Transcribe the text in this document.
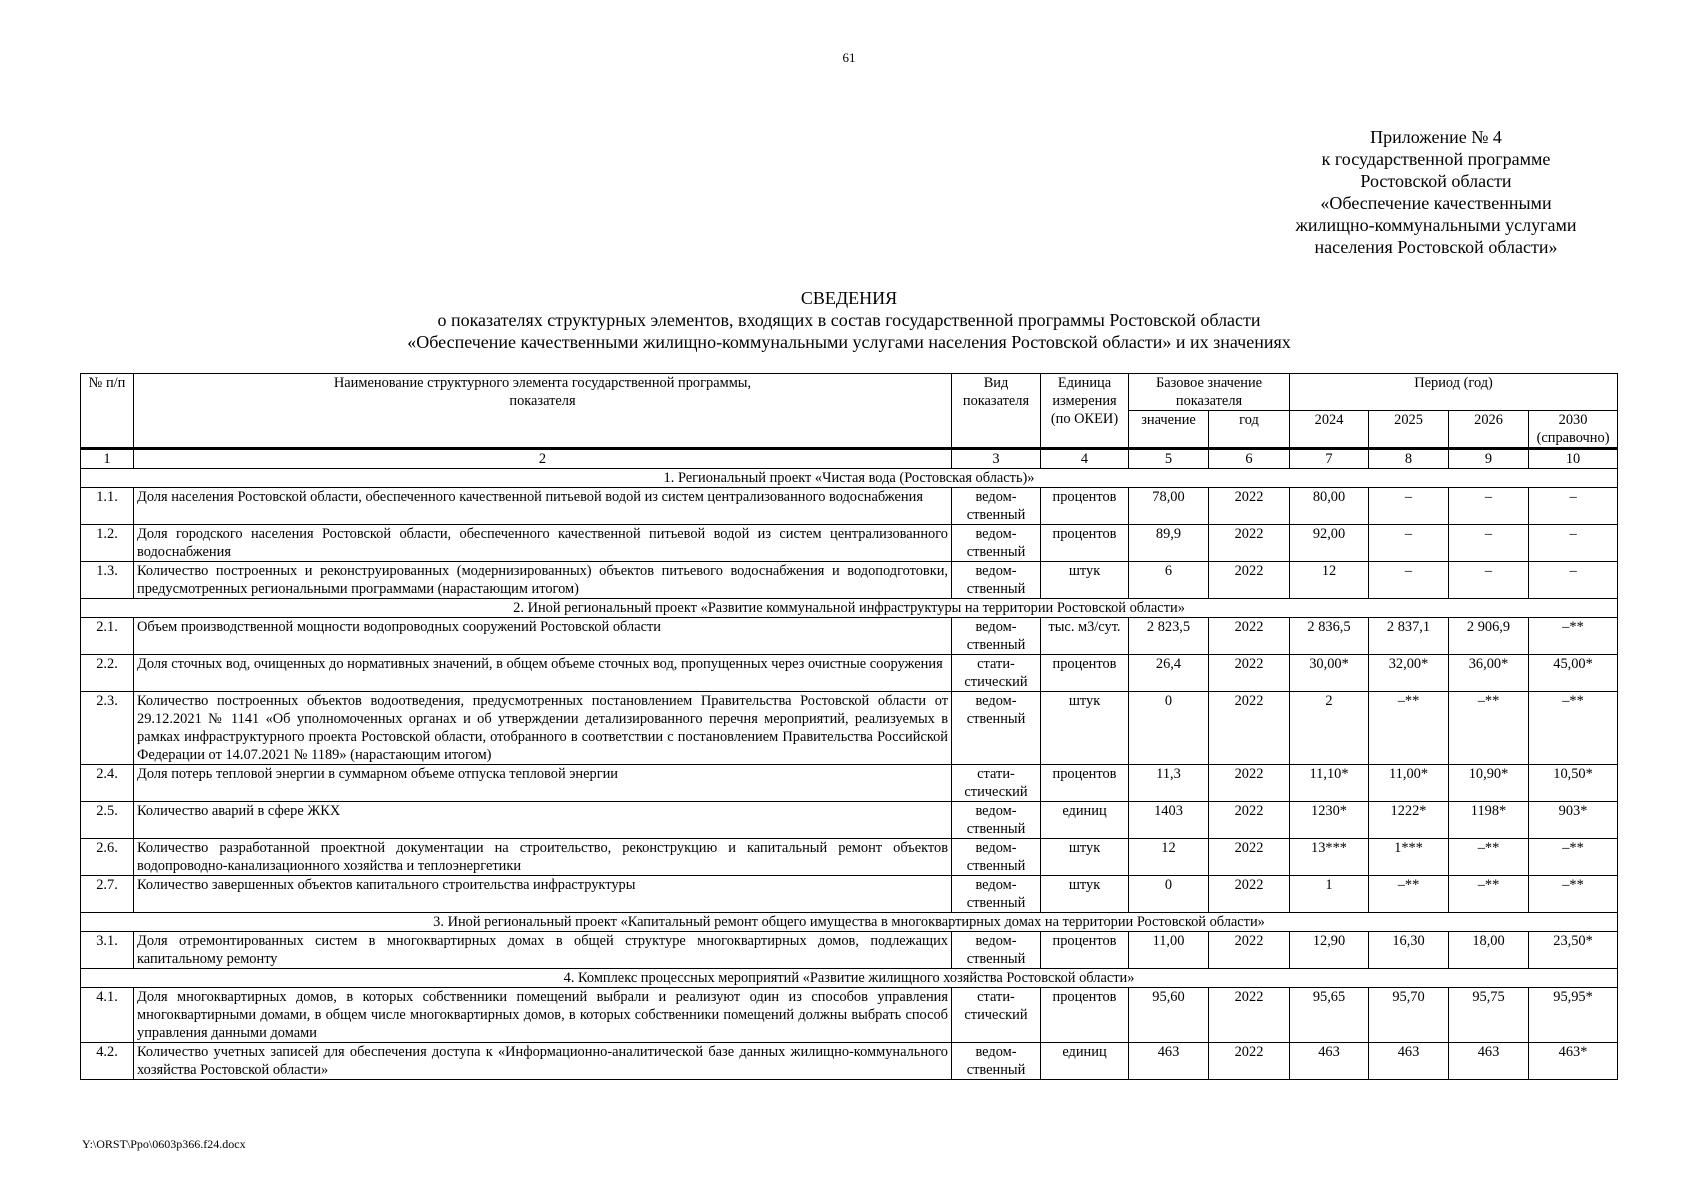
61
Приложение № 4
к государственной программе
Ростовской области
«Обеспечение качественными
жилищно-коммунальными услугами
населения Ростовской области»
СВЕДЕНИЯ
о показателях структурных элементов, входящих в состав государственной программы Ростовской области
«Обеспечение качественными жилищно-коммунальными услугами населения Ростовской области» и их значениях
№ п/п	Наименование структурного элемента государственной программы, показателя	Вид показателя	Единица измерения (по ОКЕИ)	Базовое значение показателя		Период (год)			
				значение	год	2024	2025	2026	2030 (справочно)

1	2	3	4	5	6	7	8	9	10
1. Региональный проект «Чистая вода (Ростовская область)»									
1.1.	Доля населения Ростовской области, обеспеченного качественной питьевой водой из систем централизованного водоснабжения	ведом-ственный	процентов	78,00	2022	80,00	–	–	–
1.2.	Доля городского населения Ростовской области, обеспеченного качественной питьевой водой из систем централизованного водоснабжения	ведом-ственный	процентов	89,9	2022	92,00	–	–	–
1.3.	Количество построенных и реконструированных (модернизированных) объектов питьевого водоснабжения и водоподготовки, предусмотренных региональными программами (нарастающим итогом)	ведом-ственный	штук	6	2022	12	–	–	–
2. Иной региональный проект «Развитие коммунальной инфраструктуры на территории Ростовской области»									
2.1.	Объем производственной мощности водопроводных сооружений Ростовской области	ведом-ственный	тыс. м3/сут.	2 823,5	2022	2 836,5	2 837,1	2 906,9	–**
2.2.	Доля сточных вод, очищенных до нормативных значений, в общем объеме сточных вод, пропущенных через очистные сооружения	стати-стический	процентов	26,4	2022	30,00*	32,00*	36,00*	45,00*
2.3.	Количество построенных объектов водоотведения, предусмотренных постановлением Правительства Ростовской области от 29.12.2021 № 1141 «Об уполномоченных органах и об утверждении детализированного перечня мероприятий, реализуемых в рамках инфраструктурного проекта Ростовской области, отобранного в соответствии с постановлением Правительства Российской Федерации от 14.07.2021 № 1189» (нарастающим итогом)	ведом-ственный	штук	0	2022	2	–**	–**	–**
2.4.	Доля потерь тепловой энергии в суммарном объеме отпуска тепловой энергии	стати-стический	процентов	11,3	2022	11,10*	11,00*	10,90*	10,50*
2.5.	Количество аварий в сфере ЖКХ	ведом-ственный	единиц	1403	2022	1230*	1222*	1198*	903*
2.6.	Количество разработанной проектной документации на строительство, реконструкцию и капитальный ремонт объектов водопроводно-канализационного хозяйства и теплоэнергетики	ведом-ственный	штук	12	2022	13***	1***	–**	–**
2.7.	Количество завершенных объектов капитального строительства инфраструктуры	ведом-ственный	штук	0	2022	1	–**	–**	–**
3. Иной региональный проект «Капитальный ремонт общего имущества в многоквартирных домах на территории Ростовской области»									
3.1.	Доля отремонтированных систем в многоквартирных домах в общей структуре многоквартирных домов, подлежащих капитальному ремонту	ведом-ственный	процентов	11,00	2022	12,90	16,30	18,00	23,50*
4. Комплекс процессных мероприятий «Развитие жилищного хозяйства Ростовской области»									
4.1.	Доля многоквартирных домов, в которых собственники помещений выбрали и реализуют один из способов управления многоквартирными домами, в общем числе многоквартирных домов, в которых собственники помещений должны выбрать способ управления данными домами	стати-стический	процентов	95,60	2022	95,65	95,70	95,75	95,95*
4.2.	Количество учетных записей для обеспечения доступа к «Информационно-аналитической базе данных жилищно-коммунального хозяйства Ростовской области»	ведом-ственный	единиц	463	2022	463	463	463	463*
Y:\ORST\Ppo\0603p366.f24.docx
